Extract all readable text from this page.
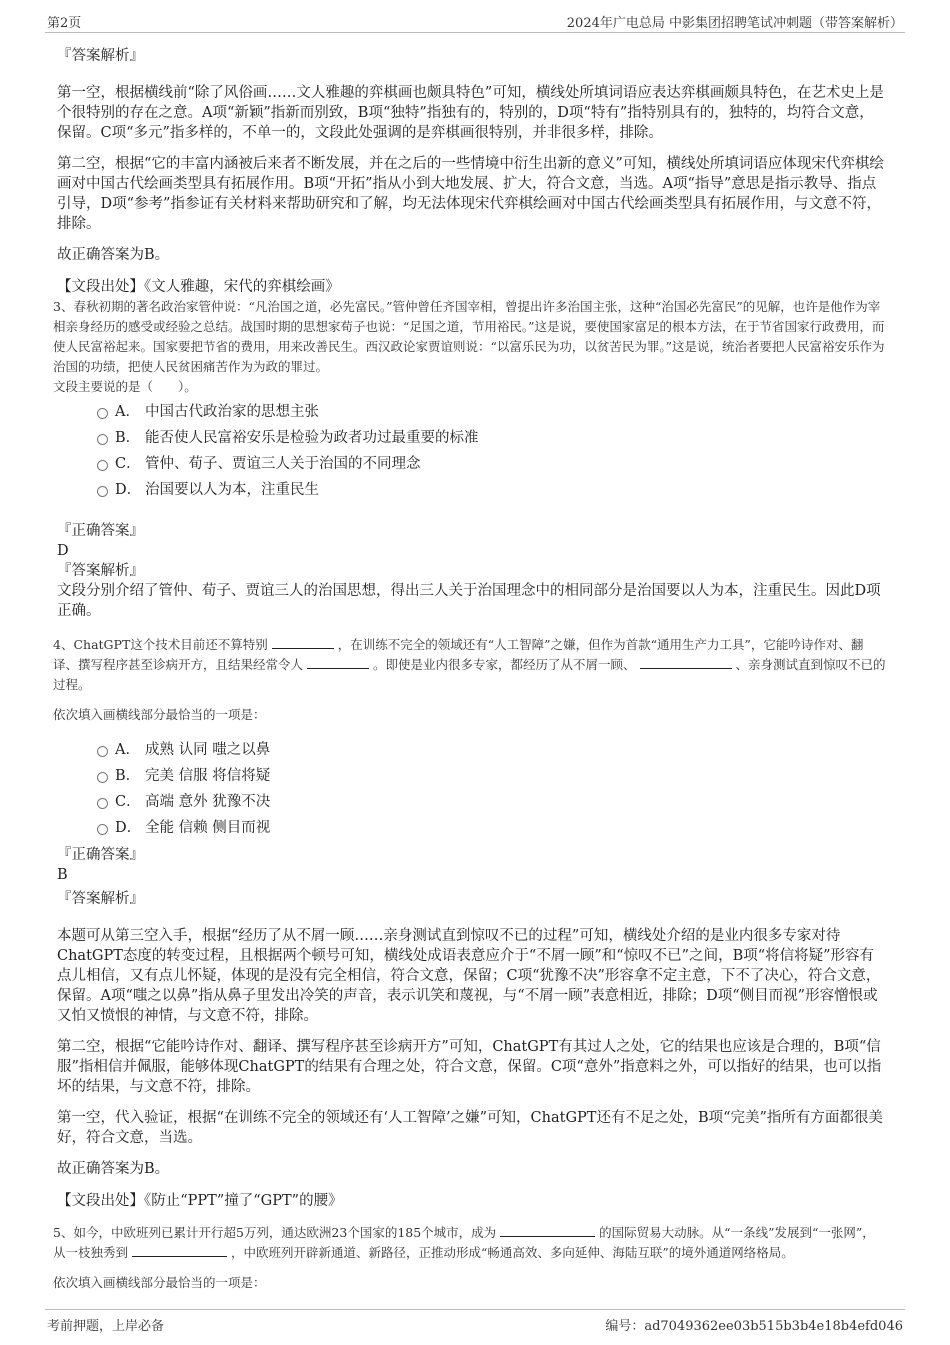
第2页	2024年广电总局 中影集团招聘笔试冲刺题（带答案解析）

『答案解析』

第一空，根据横线前“除了风俗画……文人雅趣的弈棋画也颇具特色”可知，横线处所填词语应表达弈棋画颇具特色，在艺术史上是个很特别的存在之意。A项“新颖”指新而别致，B项“独特”指独有的，特别的，D项“特有”指特别具有的，独特的，均符合文意，保留。C项“多元”指多样的，不单一的，文段此处强调的是弈棋画很特别，并非很多样，排除。

第二空，根据“它的丰富内涵被后来者不断发展，并在之后的一些情境中衍生出新的意义”可知，横线处所填词语应体现宋代弈棋绘画对中国古代绘画类型具有拓展作用。B项“开拓”指从小到大地发展、扩大，符合文意，当选。A项“指导”意思是指示教导、指点引导，D项“参考”指参证有关材料来帮助研究和了解，均无法体现宋代弈棋绘画对中国古代绘画类型具有拓展作用，与文意不符，排除。

故正确答案为B。

【文段出处】《文人雅趣，宋代的弈棋绘画》

3、春秋初期的著名政治家管仲说：“凡治国之道，必先富民。”管仲曾任齐国宰相，曾提出许多治国主张，这种“治国必先富民”的见解，也许是他作为宰相亲身经历的感受或经验之总结。战国时期的思想家荀子也说：“足国之道，节用裕民。”这是说，要使国家富足的根本方法，在于节省国家行政费用，而使人民富裕起来。国家要把节省的费用，用来改善民生。西汉政论家贾谊则说：“以富乐民为功，以贫苦民为罪。”这是说，统治者要把人民富裕安乐作为治国的功绩，把使人民贫困痛苦作为为政的罪过。

文段主要说的是（　　）。

A． 中国古代政治家的思想主张
B． 能否使人民富裕安乐是检验为政者功过最重要的标准
C． 管仲、荀子、贾谊三人关于治国的不同理念
D． 治国要以人为本，注重民生

『正确答案』

D

『答案解析』

文段分别介绍了管仲、荀子、贾谊三人的治国思想，得出三人关于治国理念中的相同部分是治国要以人为本，注重民生。因此D项正确。

4、ChatGPT这个技术目前还不算特别	，在训练不完全的领域还有“人工智障”之嫌，但作为首款“通用生产力工具”，它能吟诗作对、翻译、撰写程序甚至诊病开方，且结果经常令人	。即使是业内很多专家，都经历了从不屑一顾、	、亲身测试直到惊叹不已的过程。

依次填入画横线部分最恰当的一项是：

A． 成熟 认同 嗤之以鼻
B． 完美 信服 将信将疑
C． 高端 意外 犹豫不决
D． 全能 信赖 侧目而视

『正确答案』

B

『答案解析』

本题可从第三空入手，根据“经历了从不屑一顾……亲身测试直到惊叹不已的过程”可知，横线处介绍的是业内很多专家对待ChatGPT态度的转变过程，且根据两个顿号可知，横线处成语表意应介于“不屑一顾”和“惊叹不已”之间，B项“将信将疑”形容有点儿相信，又有点儿怀疑，体现的是没有完全相信，符合文意，保留；C项“犹豫不决”形容拿不定主意，下不了决心，符合文意，保留。A项“嗤之以鼻”指从鼻子里发出冷笑的声音，表示讥笑和蔑视，与“不屑一顾”表意相近，排除；D项“侧目而视”形容憎恨或又怕又愤恨的神情，与文意不符，排除。

第二空，根据“它能吟诗作对、翻译、撰写程序甚至诊病开方”可知，ChatGPT有其过人之处，它的结果也应该是合理的，B项“信服”指相信并佩服，能够体现ChatGPT的结果有合理之处，符合文意，保留。C项“意外”指意料之外，可以指好的结果，也可以指坏的结果，与文意不符，排除。

第一空，代入验证，根据“在训练不完全的领域还有‘人工智障’之嫌”可知，ChatGPT还有不足之处，B项“完美”指所有方面都很美好，符合文意，当选。

故正确答案为B。

【文段出处】《防止“PPT”撞了“GPT”的腰》

5、如今，中欧班列已累计开行超5万列，通达欧洲23个国家的185个城市，成为	的国际贸易大动脉。从“一条线”发展到“一张网”，从一枝独秀到	，中欧班列开辟新通道、新路径，正推动形成“畅通高效、多向延伸、海陆互联”的境外通道网络格局。

依次填入画横线部分最恰当的一项是：

考前押题，上岸必备	编号：ad7049362ee03b515b3b4e18b4efd046
